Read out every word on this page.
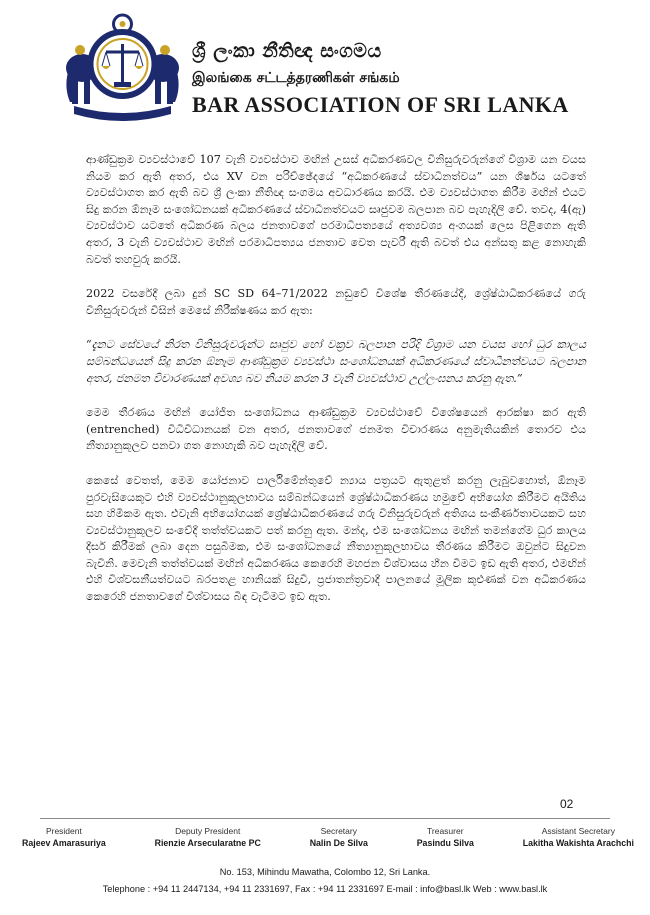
ශ්‍රී ලංකා නීතිඥ සංගමය
இலங்கை சட்டத்தரணிகள் சங்கம்
BAR ASSOCIATION OF SRI LANKA

ආණ්ඩුක්‍රම ව්‍යවස්ථාවේ 107 වැනි ව්‍යවස්ථාව මඟින් උසස් අධිකරණවල විනිසුරුවරුන්ගේ විශ්‍රාම යන වයස නියම කර ඇති අතර, එය XV වන පරිච්ඡේදයේ “අධිකරණයේ ස්වාධීනත්වය” යන ශීර්ෂය යටතේ ව්‍යවස්ථාගත කර ඇති බව ශ්‍රී ලංකා නීතිඥ සංගමය අවධාරණය කරයි. එම ව්‍යවස්ථාගත කිරීම මඟින් එයට සිදු කරන ඕනෑම සංශෝධනයක් අධිකරණයේ ස්වාධීනත්වයට සෘජුවම බලපාන බව පැහැදිලි වේ. තවද, 4(ඇ) ව්‍යවස්ථාව යටතේ අධිකරණ බලය ජනතාවගේ පරමාධිපත්‍යයේ අත්‍යවශ්‍ය අංගයක් ලෙස පිළිගෙන ඇති අතර, 3 වැනි ව්‍යවස්ථාව මඟින් පරමාධිපත්‍යය ජනතාව වෙත පැවරී ඇති බවත් එය අන්සතු කළ නොහැකි බවත් තහවුරු කරයි.

2022 වසරේදී ලබා දුන් SC SD 64–71/2022 නඩුවේ විශේෂ තීරණයේදී, ශ්‍රේෂ්ඨාධිකරණයේ ගරු විනිසුරුවරුන් විසින් මෙසේ නිරීක්ෂණය කර ඇත:

“දැනට සේවයේ නිරත විනිසුරුවරුන්ට සෘජුව හෝ වක්‍රව බලපාන පරිදි විශ්‍රාම යන වයස හෝ ධුර කාලය සම්බන්ධයෙන් සිදු කරන ඕනෑම ආණ්ඩුක්‍රම ව්‍යවස්ථා සංශෝධනයක් අධිකරණයේ ස්වාධීනත්වයට බලපාන අතර, ජනමත විචාරණයක් අවශ්‍ය බව නියම කරන 3 වැනි ව්‍යවස්ථාව උල්ලංඝනය කරනු ඇත.”

මෙම තීරණය මඟින් යෝජිත සංශෝධනය ආණ්ඩුක්‍රම ව්‍යවස්ථාවේ විශේෂයෙන් ආරක්ෂා කර ඇති (entrenched) විධිවිධානයක් වන අතර, ජනතාවගේ ජනමත විචාරණය අනුමැතියකින් තොරව එය නීත්‍යානුකූලව පනවා ගත නොහැකි බව පැහැදිලි වේ.

කෙසේ වෙතත්, මෙම යෝජනාව පාර්ලිමේන්තුවේ න්‍යාය පත්‍රයට ඇතුළත් කරනු ලැබුවහොත්, ඕනෑම පුරවැසියෙකුට එහි ව්‍යවස්ථානුකූලභාවය සම්බන්ධයෙන් ශ්‍රේෂ්ඨාධිකරණය හමුවේ අභියෝග කිරීමට අයිතිය සහ හිමිකම ඇත. එවැනි අභියෝගයක් ශ්‍රේෂ්ඨාධිකරණයේ ගරු විනිසුරුවරුන් අතිශය සංකීර්ණතාවයකට සහ ව්‍යවස්ථානුකූලව සංවේදී තත්ත්වයකට පත් කරනු ඇත. මන්ද, එම සංශෝධනය මඟින් තමන්ගේම ධුර කාලය දීර්ඝ කිරීමක් ලබා දෙන පසුබිමක, එම සංශෝධනයේ නීත්‍යානුකූලභාවය තීරණය කිරීමට ඔවුන්ට සිදුවන බැවිනි. මෙවැනි තත්ත්වයක් මඟින් අධිකරණය කෙරෙහි මහජන විශ්වාසය හීන වීමට ඉඩ ඇති අතර, එමඟින් එහි විශ්වසනීයත්වයට බරපතළ හානියක් සිදුවී, ප්‍රජාතන්ත්‍රවාදී පාලනයේ මූලික කුළුණක් වන අධිකරණය කෙරෙහි ජනතාවගේ විශ්වාසය බිඳ වැටීමට ඉඩ ඇත.

02
President
Rajeev Amarasuriya
Deputy President
Rienzie Arsecularatne PC
Secretary
Nalin De Silva
Treasurer
Pasindu Silva
Assistant Secretary
Lakitha Wakishta Arachchi
No. 153, Mihindu Mawatha, Colombo 12, Sri Lanka.
Telephone : +94 11 2447134, +94 11 2331697, Fax : +94 11 2331697 E-mail : info@basl.lk Web : www.basl.lk
